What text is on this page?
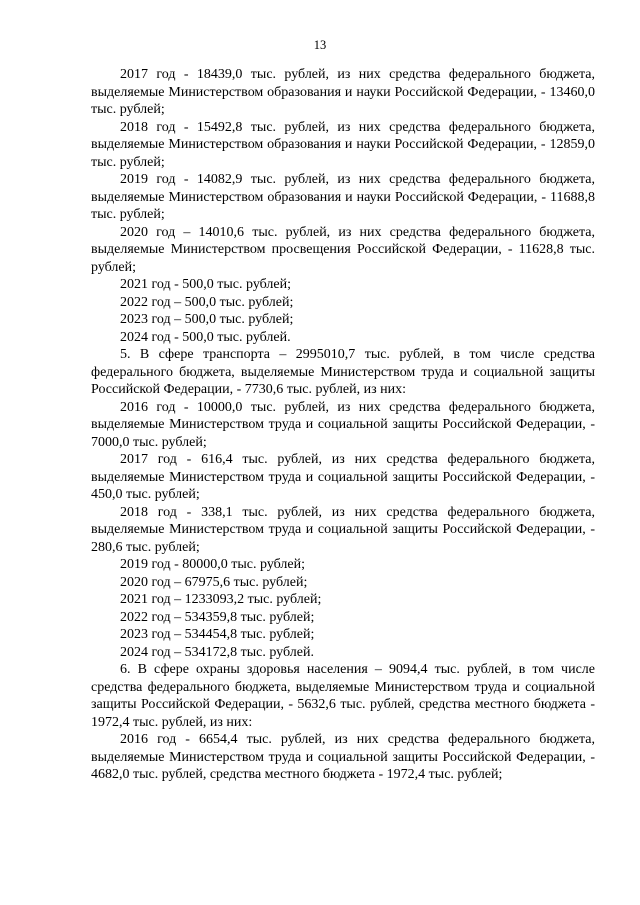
13

2017 год - 18439,0 тыс. рублей, из них средства федерального бюджета, выделяемые Министерством образования и науки Российской Федерации, - 13460,0 тыс. рублей;

2018 год - 15492,8 тыс. рублей, из них средства федерального бюджета, выделяемые Министерством образования и науки Российской Федерации, - 12859,0 тыс. рублей;

2019 год - 14082,9 тыс. рублей, из них средства федерального бюджета, выделяемые Министерством образования и науки Российской Федерации, - 11688,8 тыс. рублей;

2020 год – 14010,6 тыс. рублей, из них средства федерального бюджета, выделяемые Министерством просвещения Российской Федерации, - 11628,8 тыс. рублей;

2021 год - 500,0 тыс. рублей;

2022 год – 500,0 тыс. рублей;

2023 год – 500,0 тыс. рублей;

2024 год - 500,0 тыс. рублей.

5. В сфере транспорта – 2995010,7 тыс. рублей, в том числе средства федерального бюджета, выделяемые Министерством труда и социальной защиты Российской Федерации, - 7730,6 тыс. рублей, из них:

2016 год - 10000,0 тыс. рублей, из них средства федерального бюджета, выделяемые Министерством труда и социальной защиты Российской Федерации, - 7000,0 тыс. рублей;

2017 год - 616,4 тыс. рублей, из них средства федерального бюджета, выделяемые Министерством труда и социальной защиты Российской Федерации, - 450,0 тыс. рублей;

2018 год - 338,1 тыс. рублей, из них средства федерального бюджета, выделяемые Министерством труда и социальной защиты Российской Федерации, - 280,6 тыс. рублей;

2019 год - 80000,0 тыс. рублей;

2020 год – 67975,6 тыс. рублей;

2021 год – 1233093,2 тыс. рублей;

2022 год – 534359,8 тыс. рублей;

2023 год – 534454,8 тыс. рублей;

2024 год – 534172,8 тыс. рублей.

6. В сфере охраны здоровья населения – 9094,4 тыс. рублей, в том числе средства федерального бюджета, выделяемые Министерством труда и социальной защиты Российской Федерации, - 5632,6 тыс. рублей, средства местного бюджета - 1972,4 тыс. рублей, из них:

2016 год - 6654,4 тыс. рублей, из них средства федерального бюджета, выделяемые Министерством труда и социальной защиты Российской Федерации, - 4682,0 тыс. рублей, средства местного бюджета - 1972,4 тыс. рублей;
